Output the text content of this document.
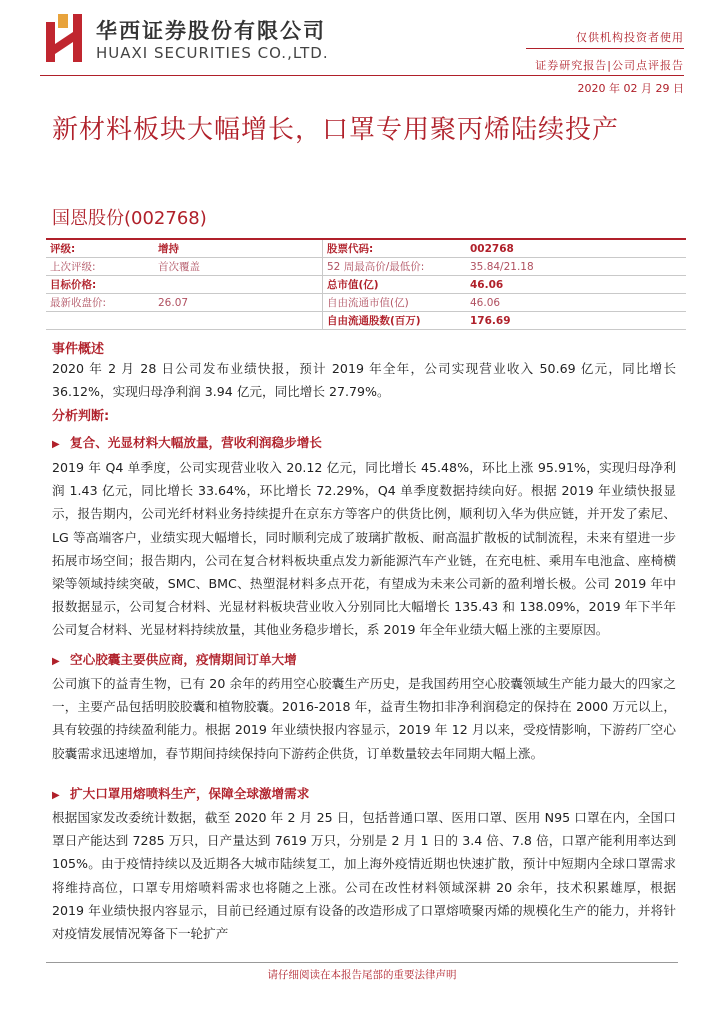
华西证券股份有限公司
HUAXI SECURITIES CO.,LTD.
仅供机构投资者使用
证券研究报告|公司点评报告
2020 年 02 月 29 日
新材料板块大幅增长，口罩专用聚丙烯陆续投产
国恩股份(002768)
评级:	增持	股票代码:	002768
上次评级:	首次覆盖	52 周最高价/最低价:	35.84/21.18
目标价格:		总市值(亿)	46.06
最新收盘价:	26.07	自由流通市值(亿)	46.06
		自由流通股数(百万)	176.69
事件概述
2020 年 2 月 28 日公司发布业绩快报，预计 2019 年全年，公司实现营业收入 50.69 亿元，同比增长 36.12%，实现归母净利润 3.94 亿元，同比增长 27.79%。
分析判断:
▶ 复合、光显材料大幅放量，营收利润稳步增长
2019 年 Q4 单季度，公司实现营业收入 20.12 亿元，同比增长 45.48%，环比上涨 95.91%，实现归母净利润 1.43 亿元，同比增长 33.64%，环比增长 72.29%，Q4 单季度数据持续向好。根据 2019 年业绩快报显示，报告期内，公司光纤材料业务持续提升在京东方等客户的供货比例，顺利切入华为供应链，并开发了索尼、LG 等高端客户，业绩实现大幅增长，同时顺利完成了玻璃扩散板、耐高温扩散板的试制流程，未来有望进一步拓展市场空间；报告期内，公司在复合材料板块重点发力新能源汽车产业链，在充电桩、乘用车电池盒、座椅横梁等领域持续突破，SMC、BMC、热塑混材料多点开花，有望成为未来公司新的盈利增长极。公司 2019 年中报数据显示，公司复合材料、光显材料板块营业收入分别同比大幅增长 135.43 和 138.09%，2019 年下半年公司复合材料、光显材料持续放量，其他业务稳步增长，系 2019 年全年业绩大幅上涨的主要原因。
▶ 空心胶囊主要供应商，疫情期间订单大增
公司旗下的益青生物，已有 20 余年的药用空心胶囊生产历史，是我国药用空心胶囊领域生产能力最大的四家之一，主要产品包括明胶胶囊和植物胶囊。2016-2018 年，益青生物扣非净利润稳定的保持在 2000 万元以上，具有较强的持续盈利能力。根据 2019 年业绩快报内容显示，2019 年 12 月以来，受疫情影响，下游药厂空心胶囊需求迅速增加，春节期间持续保持向下游药企供货，订单数量较去年同期大幅上涨。
▶ 扩大口罩用熔喷料生产，保障全球激增需求
根据国家发改委统计数据，截至 2020 年 2 月 25 日，包括普通口罩、医用口罩、医用 N95 口罩在内，全国口罩日产能达到 7285 万只，日产量达到 7619 万只，分别是 2 月 1 日的 3.4 倍、7.8 倍，口罩产能利用率达到 105%。由于疫情持续以及近期各大城市陆续复工，加上海外疫情近期也快速扩散，预计中短期内全球口罩需求将维持高位，口罩专用熔喷料需求也将随之上涨。公司在改性材料领域深耕 20 余年，技术积累雄厚，根据 2019 年业绩快报内容显示，目前已经通过原有设备的改造形成了口罩熔喷聚丙烯的规模化生产的能力，并将针对疫情发展情况筹备下一轮扩产
请仔细阅读在本报告尾部的重要法律声明
